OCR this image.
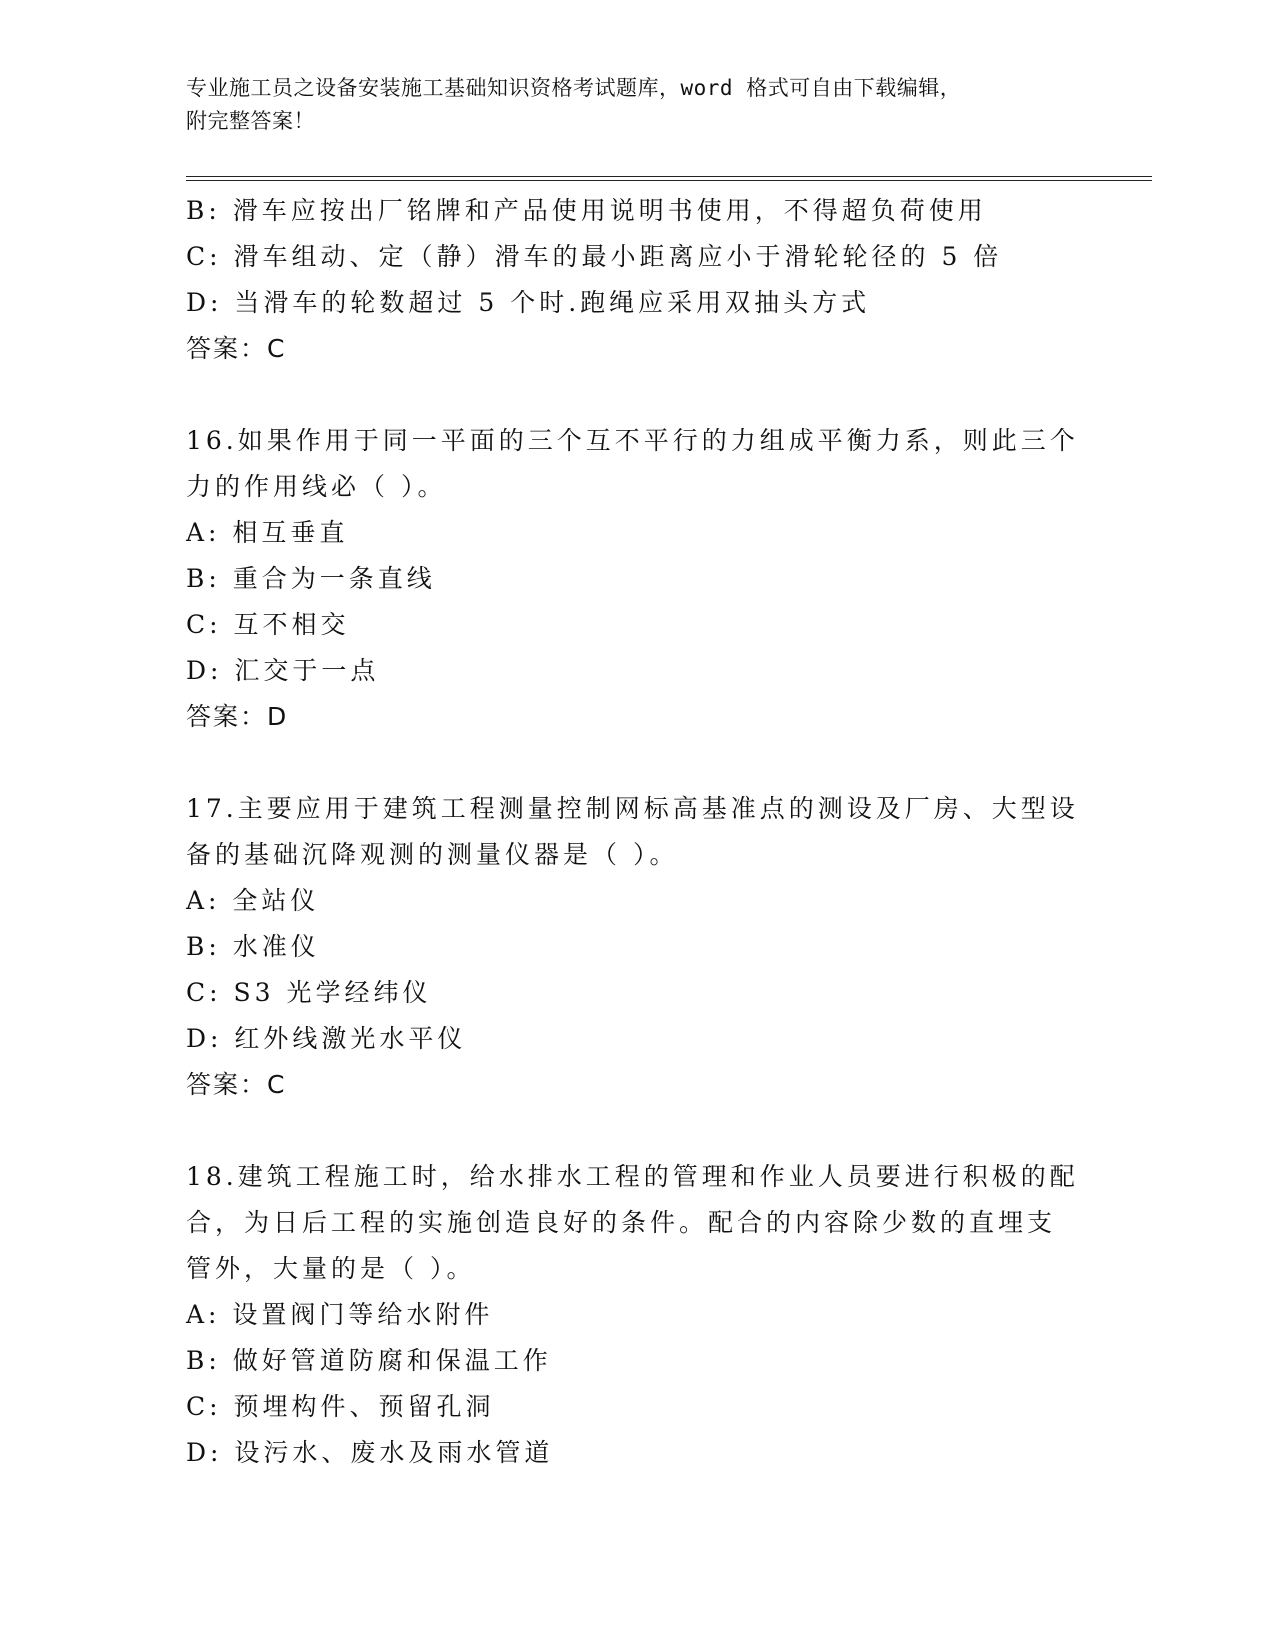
专业施工员之设备安装施工基础知识资格考试题库，word 格式可自由下载编辑，
附完整答案！
B: 滑车应按出厂铭牌和产品使用说明书使用，不得超负荷使用
C: 滑车组动、定（静）滑车的最小距离应小于滑轮轮径的 5 倍
D: 当滑车的轮数超过 5 个时.跑绳应采用双抽头方式
答案：C
16.如果作用于同一平面的三个互不平行的力组成平衡力系，则此三个
力的作用线必（ ）。
A: 相互垂直
B: 重合为一条直线
C: 互不相交
D: 汇交于一点
答案：D
17.主要应用于建筑工程测量控制网标高基准点的测设及厂房、大型设
备的基础沉降观测的测量仪器是（ ）。
A: 全站仪
B: 水准仪
C: S3 光学经纬仪
D: 红外线激光水平仪
答案：C
18.建筑工程施工时，给水排水工程的管理和作业人员要进行积极的配
合，为日后工程的实施创造良好的条件。配合的内容除少数的直埋支
管外，大量的是（ ）。
A: 设置阀门等给水附件
B: 做好管道防腐和保温工作
C: 预埋构件、预留孔洞
D: 设污水、废水及雨水管道
